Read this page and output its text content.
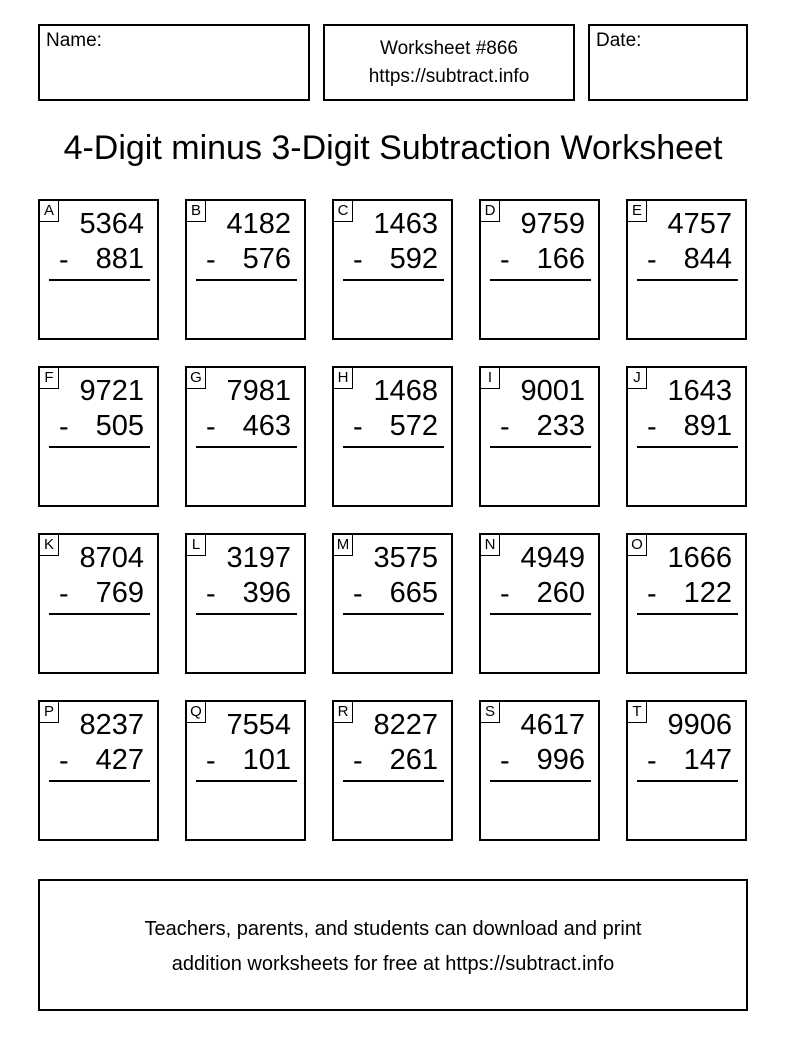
Name:	Worksheet #866
https://subtract.info
Date:
4-Digit minus 3-Digit Subtraction Worksheet
A 5364
- 881
B 4182
- 576
C 1463
- 592
D 9759
- 166
E 4757
- 844
F 9721
- 505
G 7981
- 463
H 1468
- 572
I 9001
- 233
J 1643
- 891
K 8704
- 769
L 3197
- 396
M 3575
- 665
N 4949
- 260
O 1666
- 122
P 8237
- 427
Q 7554
- 101
R 8227
- 261
S 4617
- 996
T 9906
- 147
Teachers, parents, and students can download and print
addition worksheets for free at https://subtract.info
